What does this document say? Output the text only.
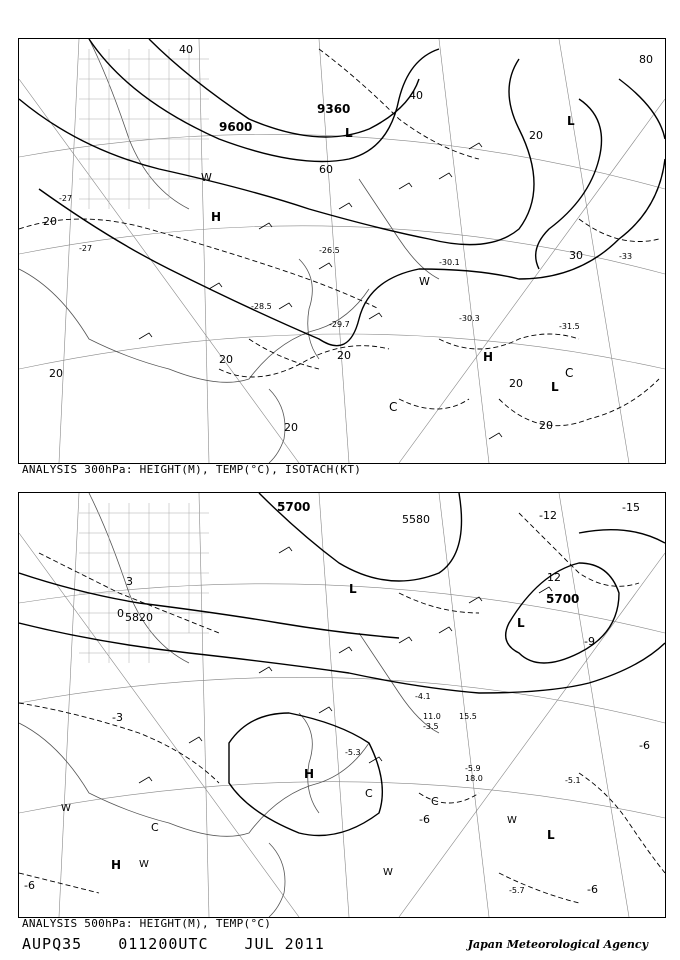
9360
9600
20
40
60
80
30
20
20
20
20
20	20
40
20
H
H
L
L
L
C
C
W
W
-29.7
-30.3
-31.5
-30.1
-26.5
-28.5
-33
-27
-27
ANALYSIS 300hPa: HEIGHT(M), TEMP(°C), ISOTACH(KT)
5700
5580
5700
5820
-3
3
0
12
-6
-9
-15
-12
-6
-6
-6
H
H
L
L
L
C
C
C
W
W
W
W
-5.3
-5.9
-4.1
15.5
-3.5
11.0
-5.1
18.0
-5.7
ANALYSIS 500hPa: HEIGHT(M), TEMP(°C)
AUPQ35 011200UTC JUL 2011	Japan Meteorological Agency
